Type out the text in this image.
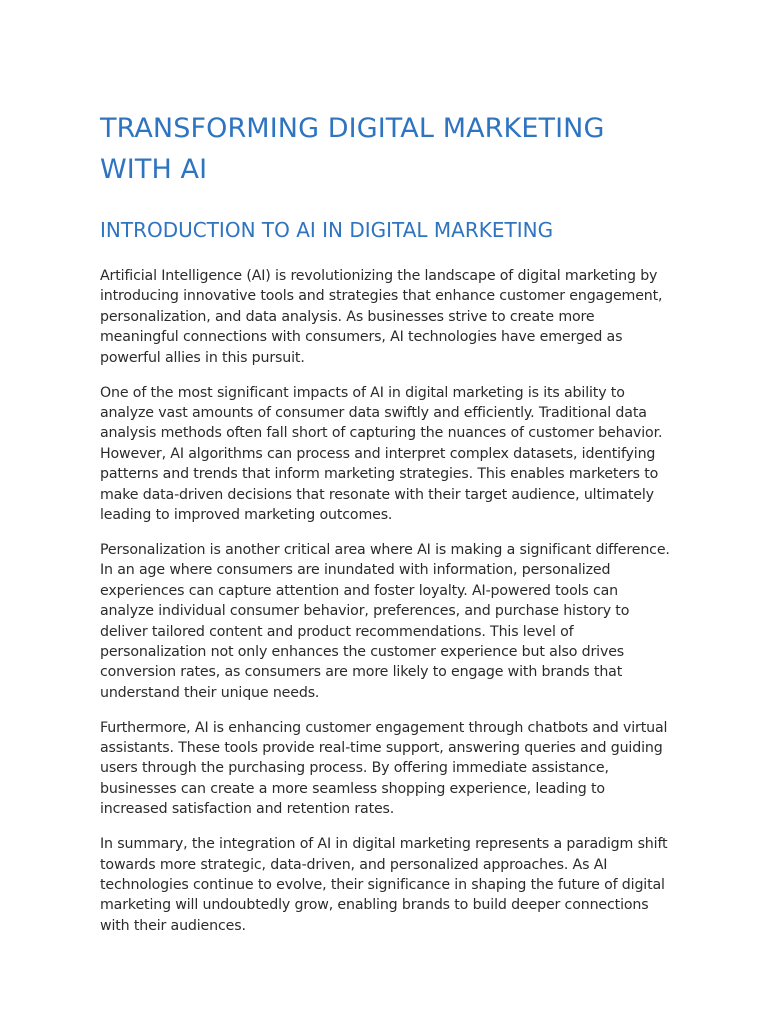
TRANSFORMING DIGITAL MARKETING WITH AI
INTRODUCTION TO AI IN DIGITAL MARKETING

Artificial Intelligence (AI) is revolutionizing the landscape of digital marketing by introducing innovative tools and strategies that enhance customer engagement, personalization, and data analysis. As businesses strive to create more meaningful connections with consumers, AI technologies have emerged as powerful allies in this pursuit.

One of the most significant impacts of AI in digital marketing is its ability to analyze vast amounts of consumer data swiftly and efficiently. Traditional data analysis methods often fall short of capturing the nuances of customer behavior. However, AI algorithms can process and interpret complex datasets, identifying patterns and trends that inform marketing strategies. This enables marketers to make data-driven decisions that resonate with their target audience, ultimately leading to improved marketing outcomes.

Personalization is another critical area where AI is making a significant difference. In an age where consumers are inundated with information, personalized experiences can capture attention and foster loyalty. AI-powered tools can analyze individual consumer behavior, preferences, and purchase history to deliver tailored content and product recommendations. This level of personalization not only enhances the customer experience but also drives conversion rates, as consumers are more likely to engage with brands that understand their unique needs.

Furthermore, AI is enhancing customer engagement through chatbots and virtual assistants. These tools provide real-time support, answering queries and guiding users through the purchasing process. By offering immediate assistance, businesses can create a more seamless shopping experience, leading to increased satisfaction and retention rates.

In summary, the integration of AI in digital marketing represents a paradigm shift towards more strategic, data-driven, and personalized approaches. As AI technologies continue to evolve, their significance in shaping the future of digital marketing will undoubtedly grow, enabling brands to build deeper connections with their audiences.
